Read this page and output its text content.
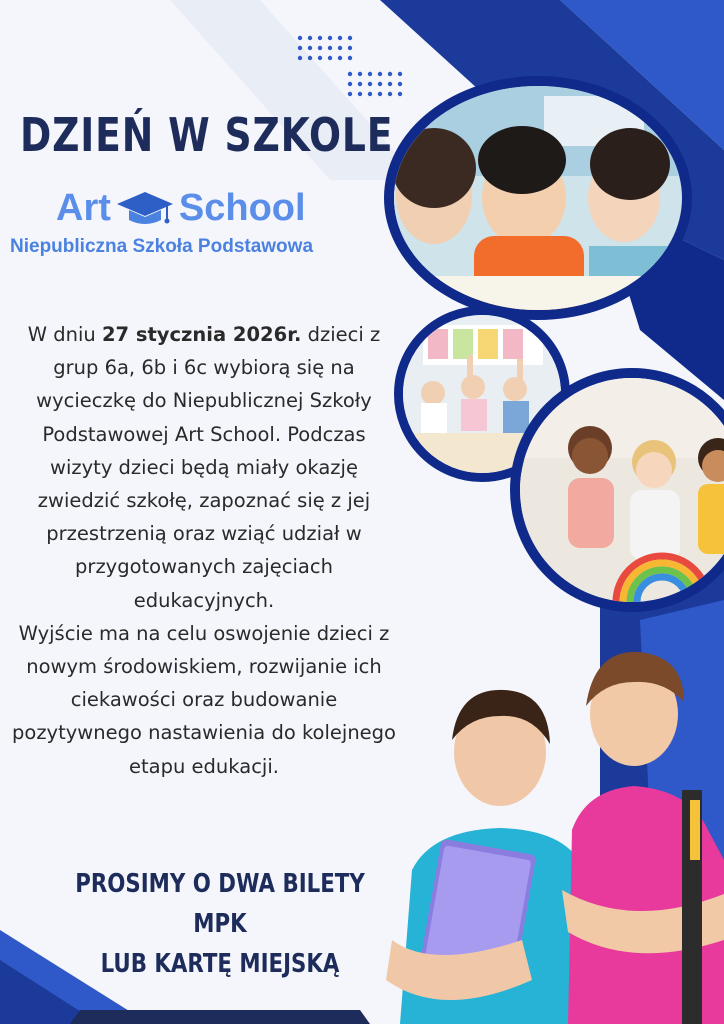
DZIEŃ W SZKOLE
Art School
Niepubliczna Szkoła Podstawowa
W dniu 27 stycznia 2026r. dzieci z grup 6a, 6b i 6c wybiorą się na wycieczkę do Niepublicznej Szkoły Podstawowej Art School. Podczas wizyty dzieci będą miały okazję zwiedzić szkołę, zapoznać się z jej przestrzenią oraz wziąć udział w przygotowanych zajęciach edukacyjnych.
Wyjście ma na celu oswojenie dzieci z nowym środowiskiem, rozwijanie ich ciekawości oraz budowanie pozytywnego nastawienia do kolejnego etapu edukacji.
PROSIMY O DWA BILETY MPK
LUB KARTĘ MIEJSKĄ
